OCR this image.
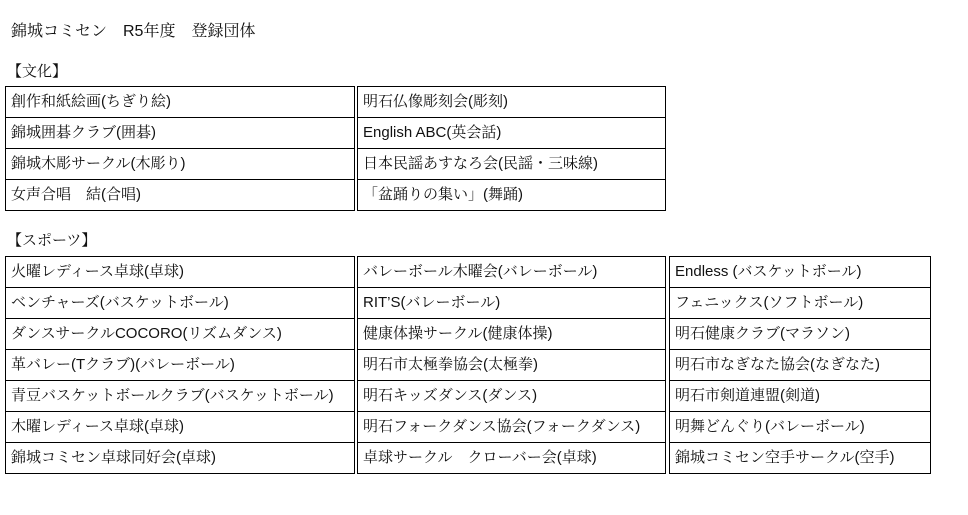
錦城コミセン　R5年度　登録団体
【文化】
創作和紙絵画(ちぎり絵)
錦城囲碁クラブ(囲碁)
錦城木彫サークル(木彫り)
女声合唱　結(合唱)
明石仏像彫刻会(彫刻)
English ABC(英会話)
日本民謡あすなろ会(民謡・三味線)
「盆踊りの集い」(舞踊)
【スポーツ】
火曜レディース卓球(卓球)
ベンチャーズ(バスケットボール)
ダンスサークルCOCORO(リズムダンス)
革バレー(Tクラブ)(バレーボール)
青豆バスケットボールクラブ(バスケットボール)
木曜レディース卓球(卓球)
錦城コミセン卓球同好会(卓球)
バレーボール木曜会(バレーボール)
RIT’S(バレーボール)
健康体操サークル(健康体操)
明石市太極拳協会(太極拳)
明石キッズダンス(ダンス)
明石フォークダンス協会(フォークダンス)
卓球サークル　クローバー会(卓球)
Endless (バスケットボール)
フェニックス(ソフトボール)
明石健康クラブ(マラソン)
明石市なぎなた協会(なぎなた)
明石市剣道連盟(剣道)
明舞どんぐり(バレーボール)
錦城コミセン空手サークル(空手)
